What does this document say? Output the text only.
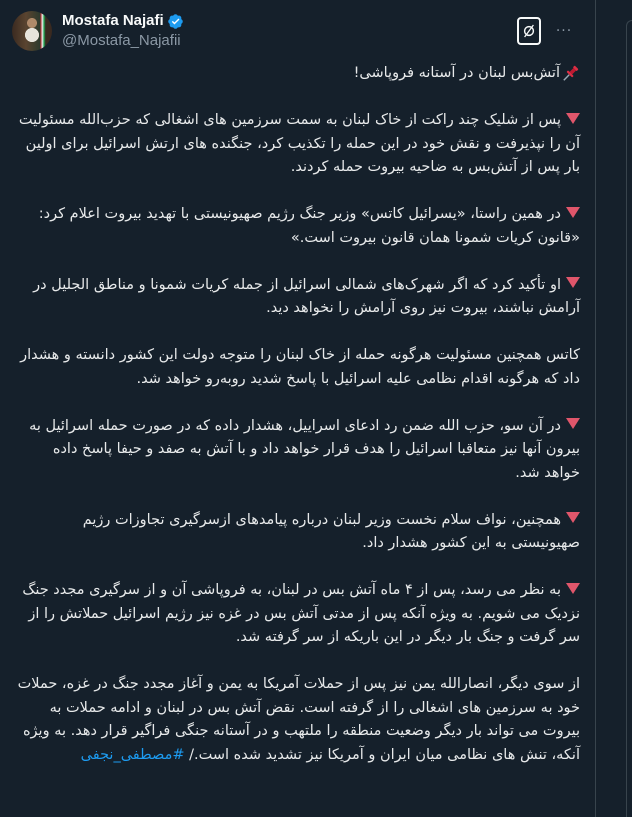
Mostafa Najafi
@Mostafa_Najafii
···

آتش‌بس لبنان در آستانه فروپاشی!

پس از شلیک چند راکت از خاک لبنان به سمت سرزمین های اشغالی که حزب‌الله مسئولیت آن را نپذیرفت و نقش خود در این حمله را تکذیب کرد، جنگنده های ارتش اسرائیل برای اولین بار پس از آتش‌بس به ضاحیه بیروت حمله کردند.

در همین راستا، «یسرائیل کاتس» وزیر جنگ رژیم صهیونیستی با تهدید بیروت اعلام کرد: «قانون کریات شمونا همان قانون بیروت است.»

او تأکید کرد که اگر شهرک‌های شمالی اسرائیل از جمله کریات شمونا و مناطق الجلیل در آرامش نباشند، بیروت نیز روی آرامش را نخواهد دید.

کاتس همچنین مسئولیت هرگونه حمله از خاک لبنان را متوجه دولت این کشور دانسته و هشدار داد که هرگونه اقدام نظامی علیه اسرائیل با پاسخ شدید روبه‌رو خواهد شد.

در آن سو، حزب الله ضمن رد ادعای اسراییل، هشدار داده که در صورت حمله اسرائیل به بیرون آنها نیز متعاقبا اسرائیل را هدف قرار خواهد داد و با آتش به صفد و حیفا پاسخ داده خواهد شد.

همچنین، نواف سلام نخست وزیر لبنان درباره پیامدهای ازسرگیری تجاوزات رژیم صهیونیستی به این کشور هشدار داد.

به نظر می رسد، پس از ۴ ماه آتش بس در لبنان، به فروپاشی آن و از سرگیری مجدد جنگ نزدیک می شویم. به ویژه آنکه پس از مدتی آتش بس در غزه نیز رژیم اسرائیل حملاتش را از سر گرفت و جنگ بار دیگر در این باریکه از سر گرفته شد.

از سوی دیگر، انصارالله یمن نیز پس از حملات آمریکا به یمن و آغاز مجدد جنگ در غزه، حملات خود به سرزمین های اشغالی را از گرفته است. نقض آتش بس در لبنان و ادامه حملات به بیروت می تواند بار دیگر وضعیت منطقه را ملتهب و در آستانه جنگی فراگیر قرار دهد. به ویژه آنکه، تنش های نظامی میان ایران و آمریکا نیز تشدید شده است./ #مصطفی_نجفی
